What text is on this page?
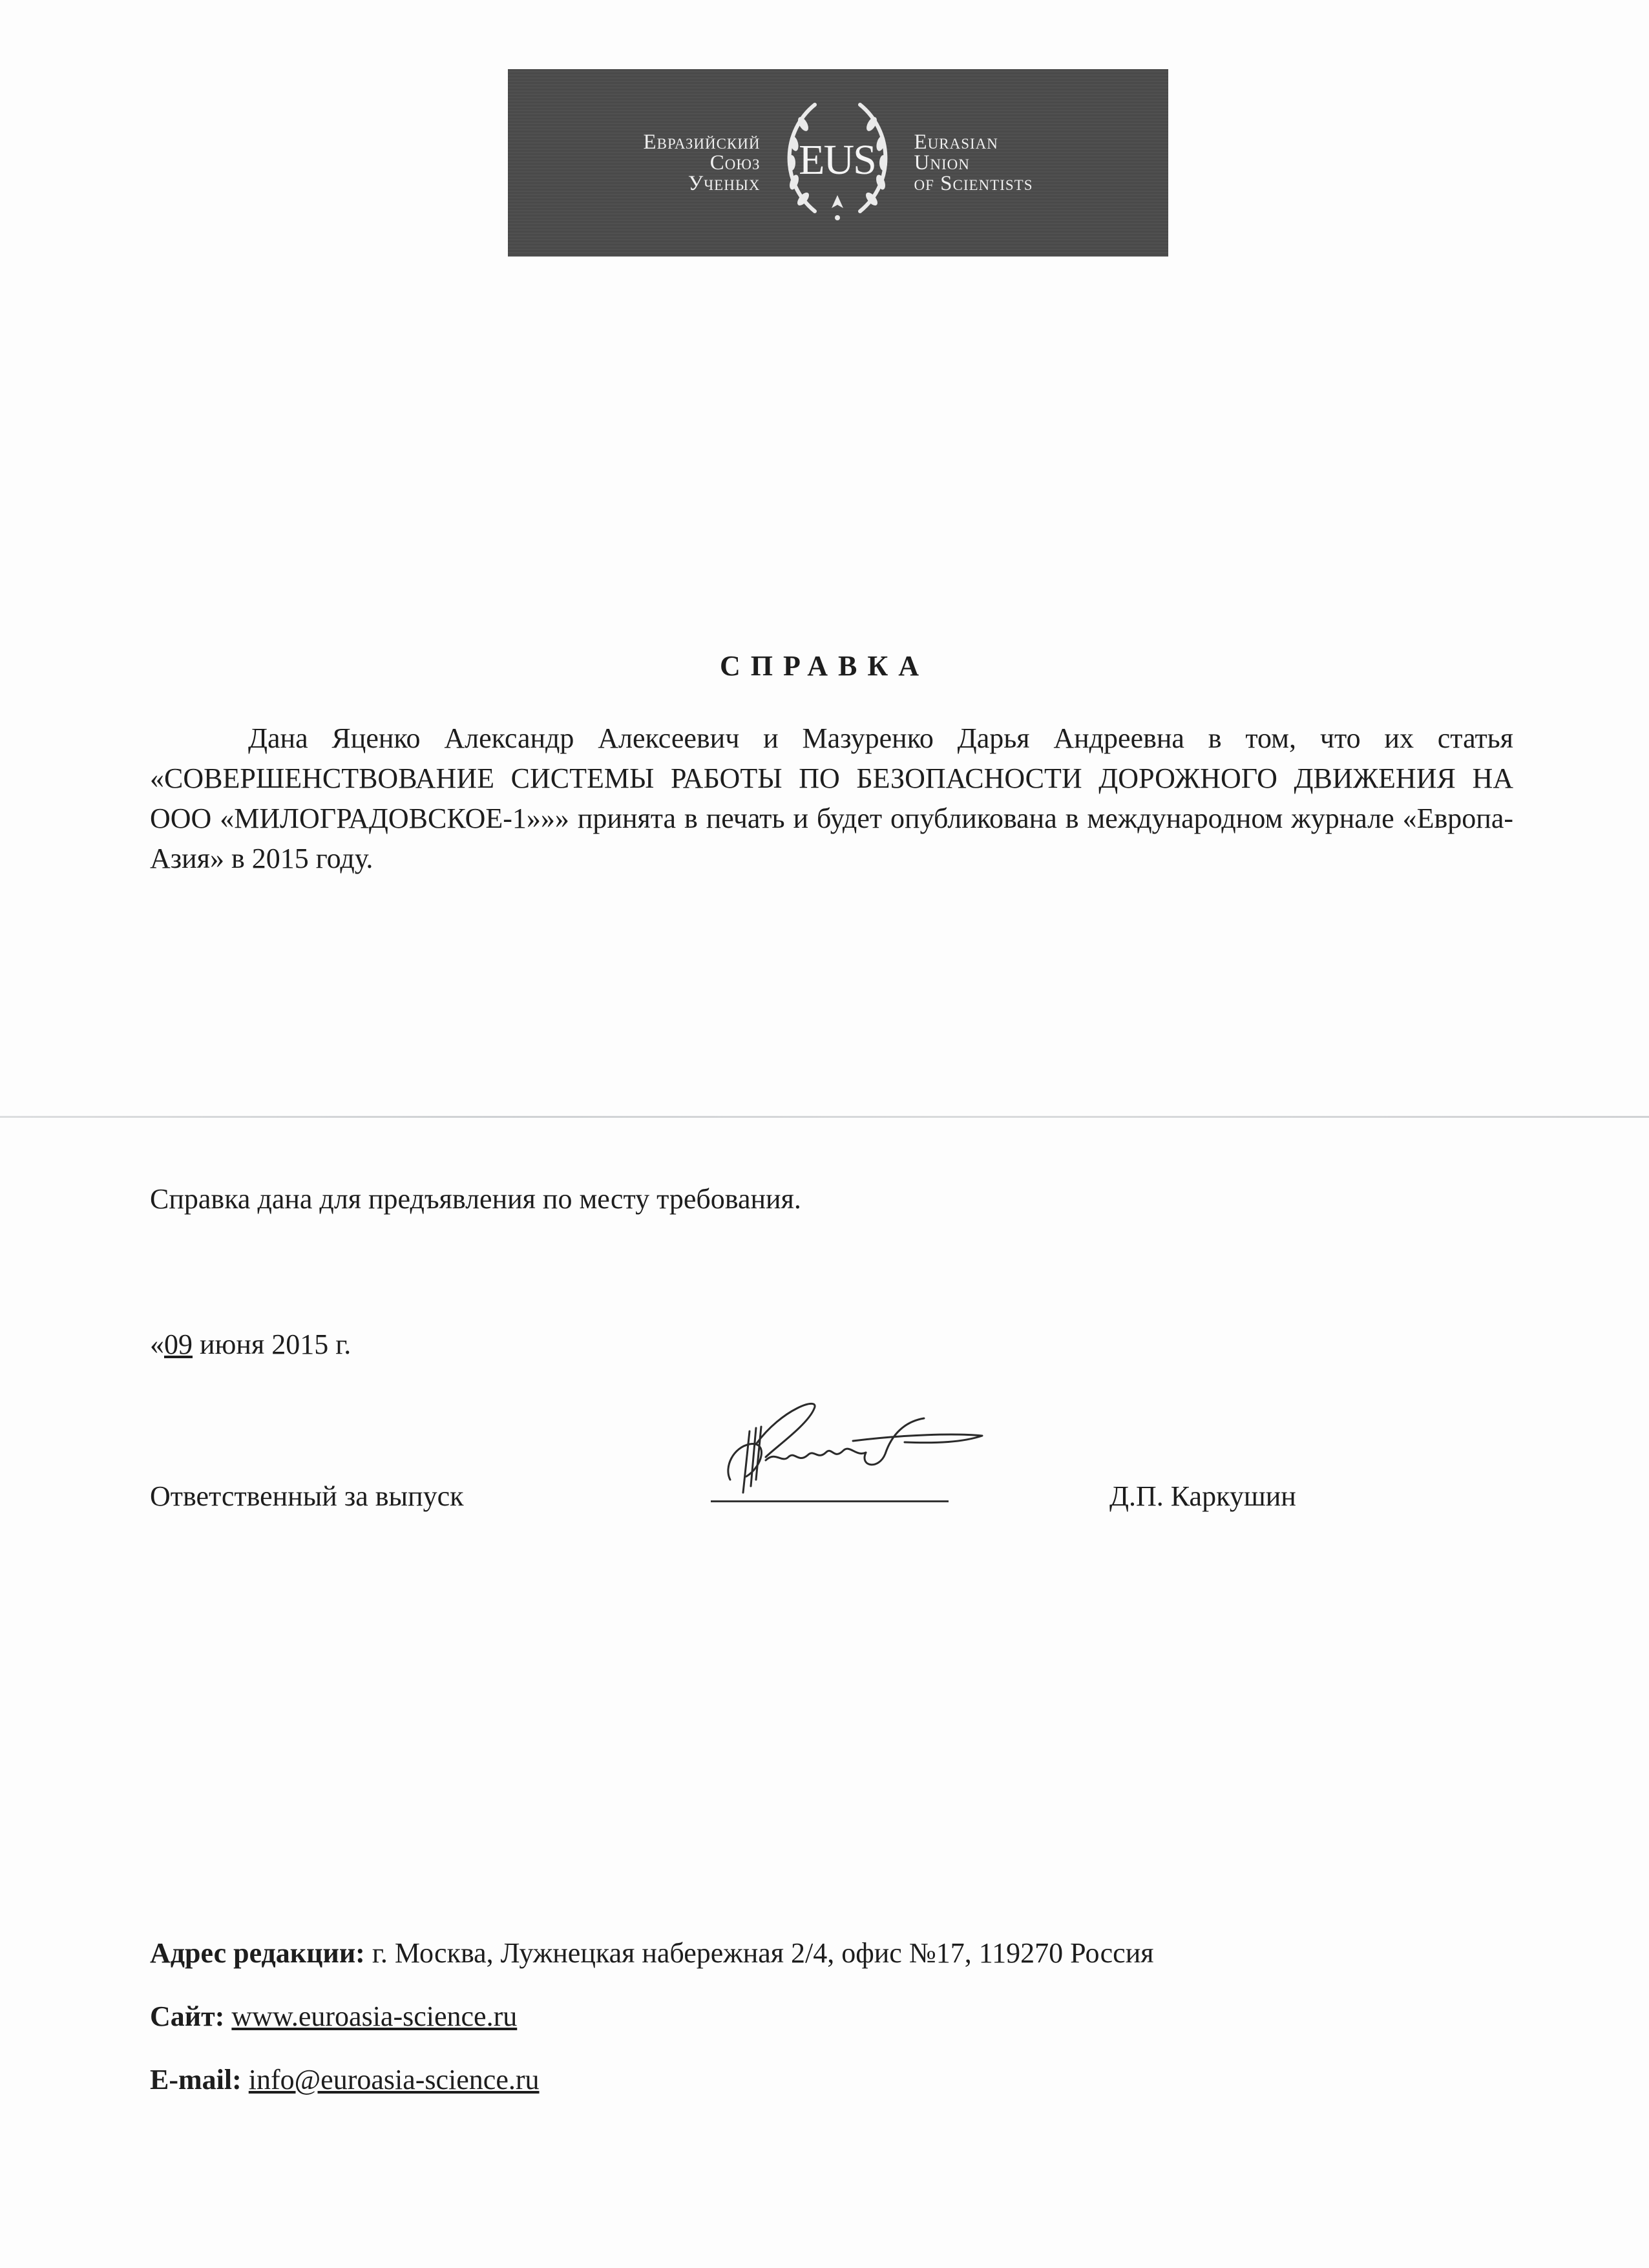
Евразийский
Союз
Ученых EUS	Eurasian
Union
of Scientists
СПРАВКА
Дана Яценко Александр Алексеевич и Мазуренко Дарья Андреевна в том, что их статья «СОВЕРШЕНСТВОВАНИЕ СИСТЕМЫ РАБОТЫ ПО БЕЗОПАСНОСТИ ДОРОЖНОГО ДВИЖЕНИЯ НА ООО «МИЛОГРАДОВСКОЕ-1»»» принята в печать и будет опубликована в международном журнале «Европа-Азия» в 2015 году.
Справка дана для предъявления по месту требования.
«09 июня 2015 г.
Ответственный за выпуск	Д.П. Каркушин
Адрес редакции: г. Москва, Лужнецкая набережная 2/4, офис №17, 119270 Россия
Сайт: www.euroasia-science.ru
E-mail: info@euroasia-science.ru
